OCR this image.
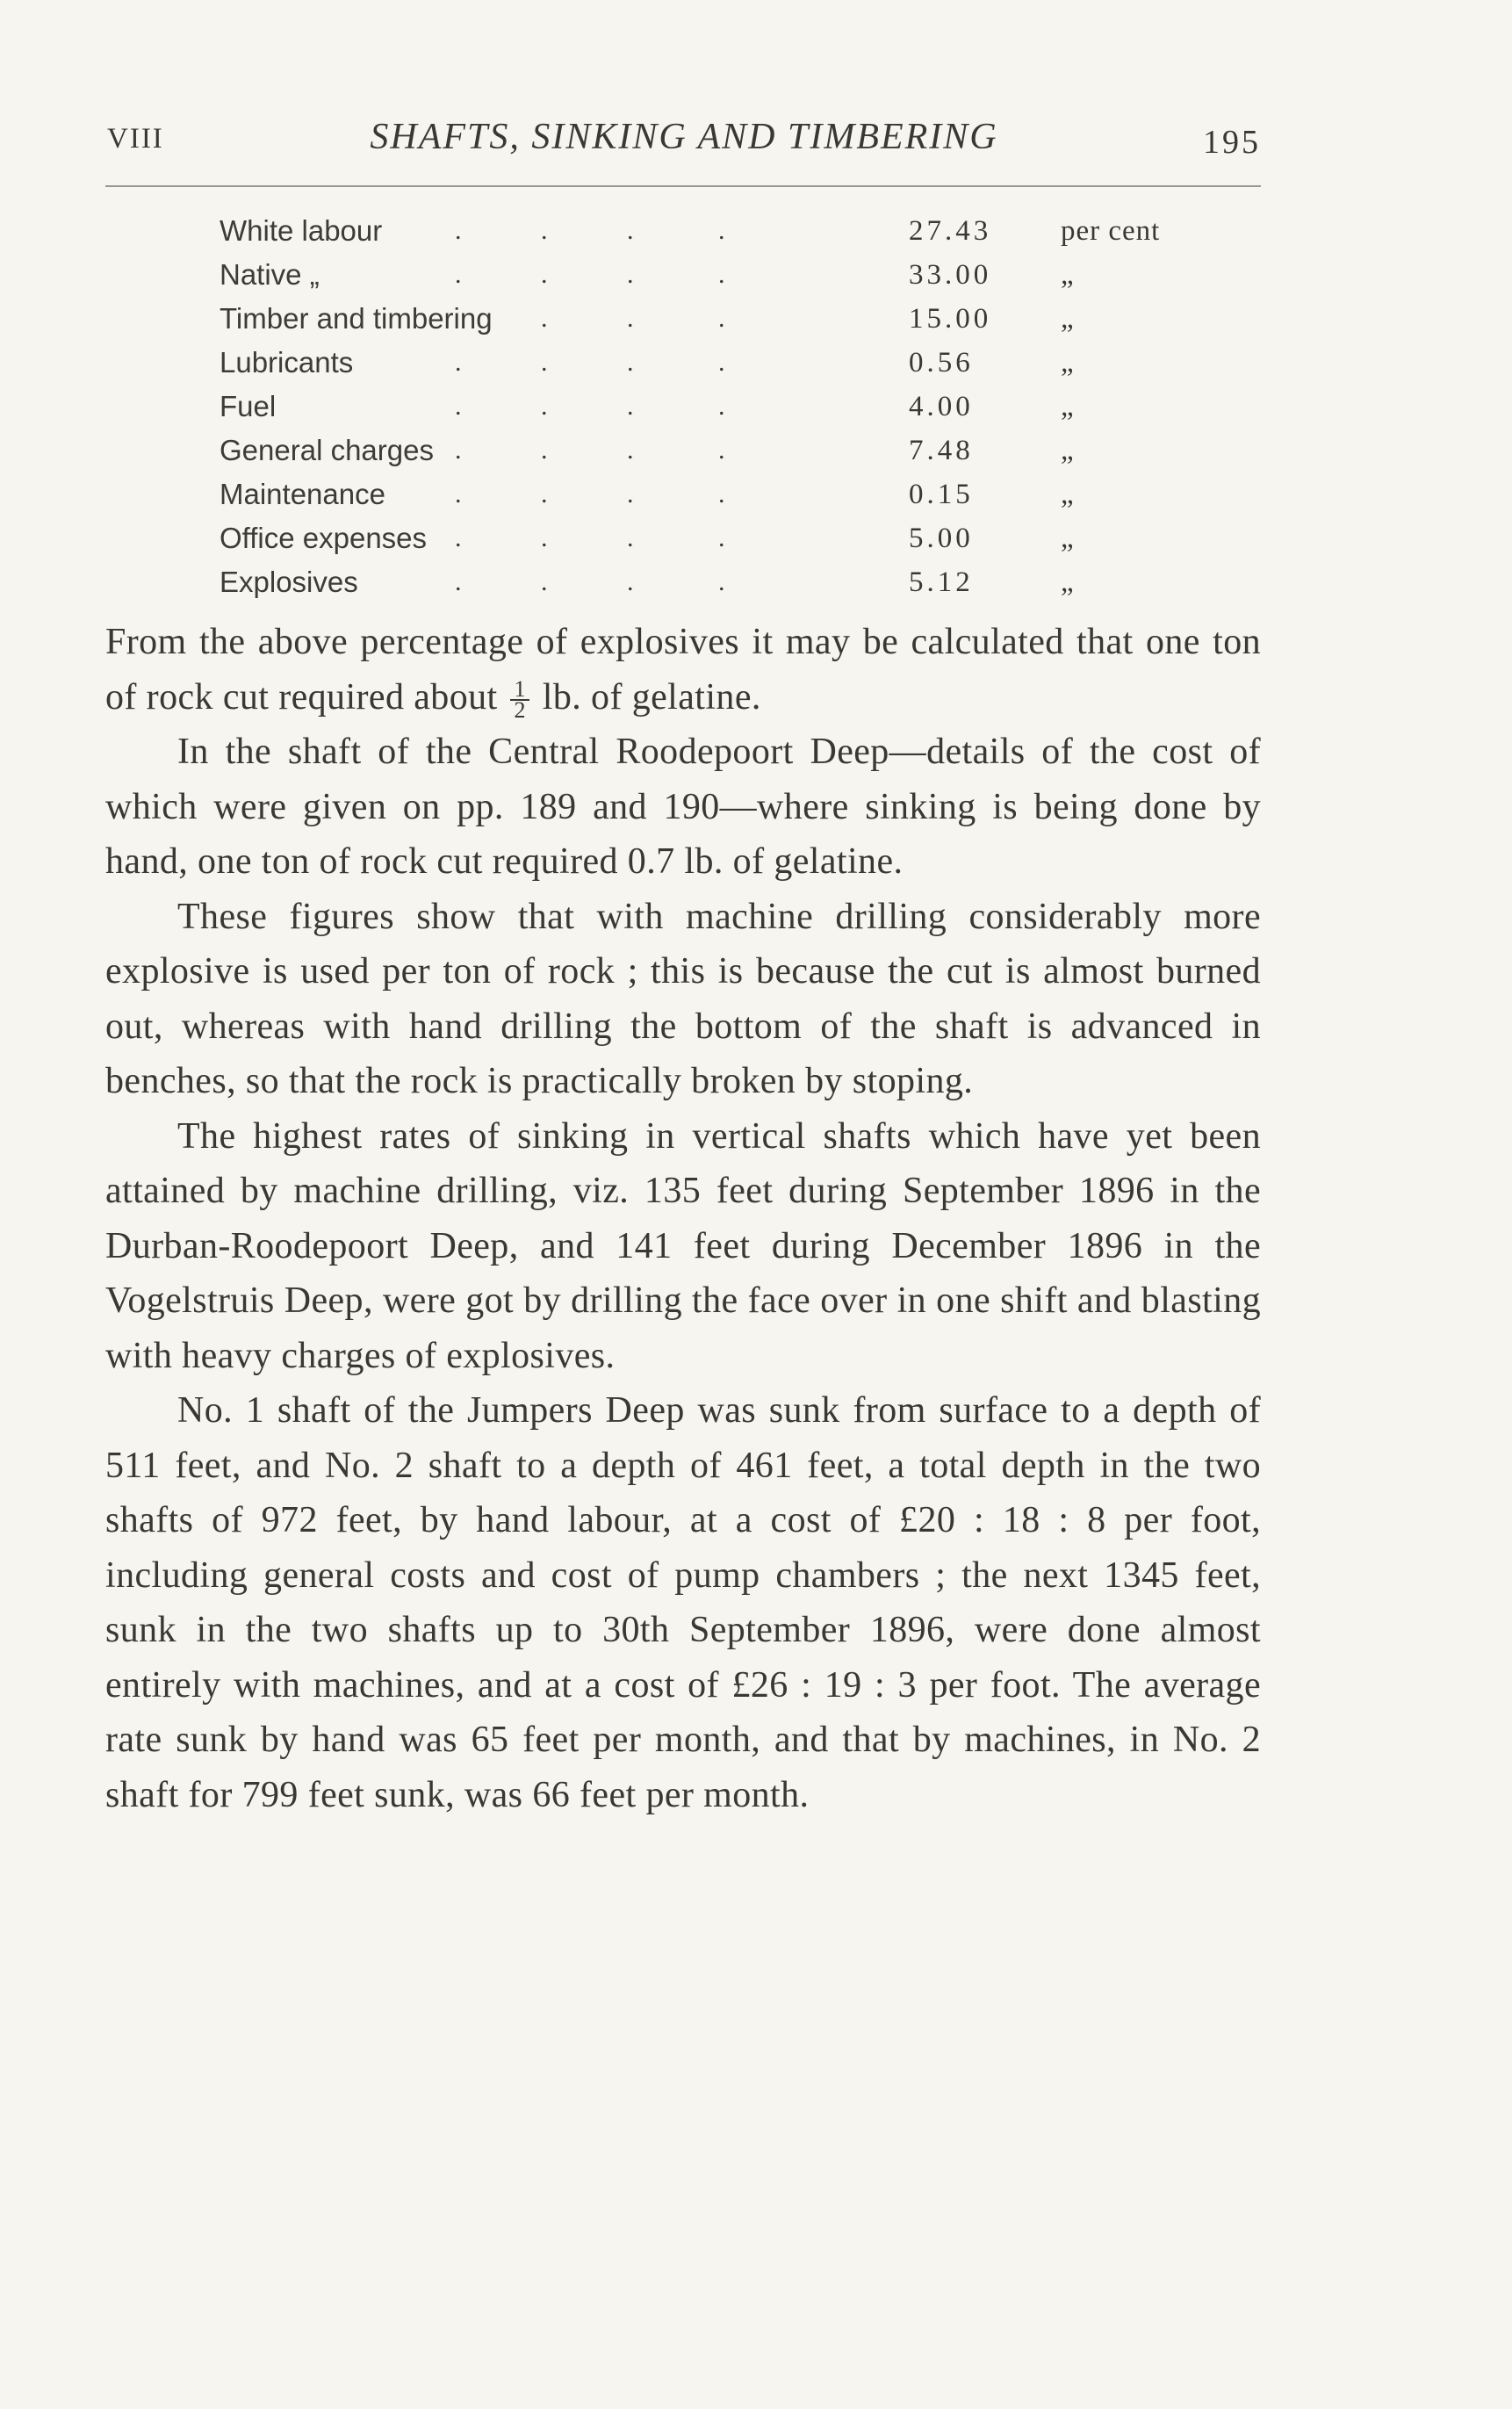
VIII	SHAFTS, SINKING AND TIMBERING	195
White labour	.	.	.	.	27.43	per cent
Native „	.	.	.	.	33.00	„
Timber and timbering .	.	.	15.00	„
Lubricants	.	.	.	.	0.56	„
Fuel	.	.	.	.	4.00	„
General charges .	.	.	.	7.48	„
Maintenance	.	.	.	.	0.15	„
Office expenses .	.	.	.	5.00	„
Explosives	.	.	.	.	5.12	„

From the above percentage of explosives it may be calculated that one ton of rock cut required about $\frac{1}{2}$ lb. of gelatine.

In the shaft of the Central Roodepoort Deep—details of the cost of which were given on pp. 189 and 190—where sinking is being done by hand, one ton of rock cut required 0.7 lb. of gelatine.

These figures show that with machine drilling considerably more explosive is used per ton of rock ; this is because the cut is almost burned out, whereas with hand drilling the bottom of the shaft is advanced in benches, so that the rock is practically broken by stoping.

The highest rates of sinking in vertical shafts which have yet been attained by machine drilling, viz. 135 feet during September 1896 in the Durban-Roodepoort Deep, and 141 feet during December 1896 in the Vogelstruis Deep, were got by drilling the face over in one shift and blasting with heavy charges of explosives.

No. 1 shaft of the Jumpers Deep was sunk from surface to a depth of 511 feet, and No. 2 shaft to a depth of 461 feet, a total depth in the two shafts of 972 feet, by hand labour, at a cost of £20 : 18 : 8 per foot, including general costs and cost of pump chambers ; the next 1345 feet, sunk in the two shafts up to 30th September 1896, were done almost entirely with machines, and at a cost of £26 : 19 : 3 per foot. The average rate sunk by hand was 65 feet per month, and that by machines, in No. 2 shaft for 799 feet sunk, was 66 feet per month.
